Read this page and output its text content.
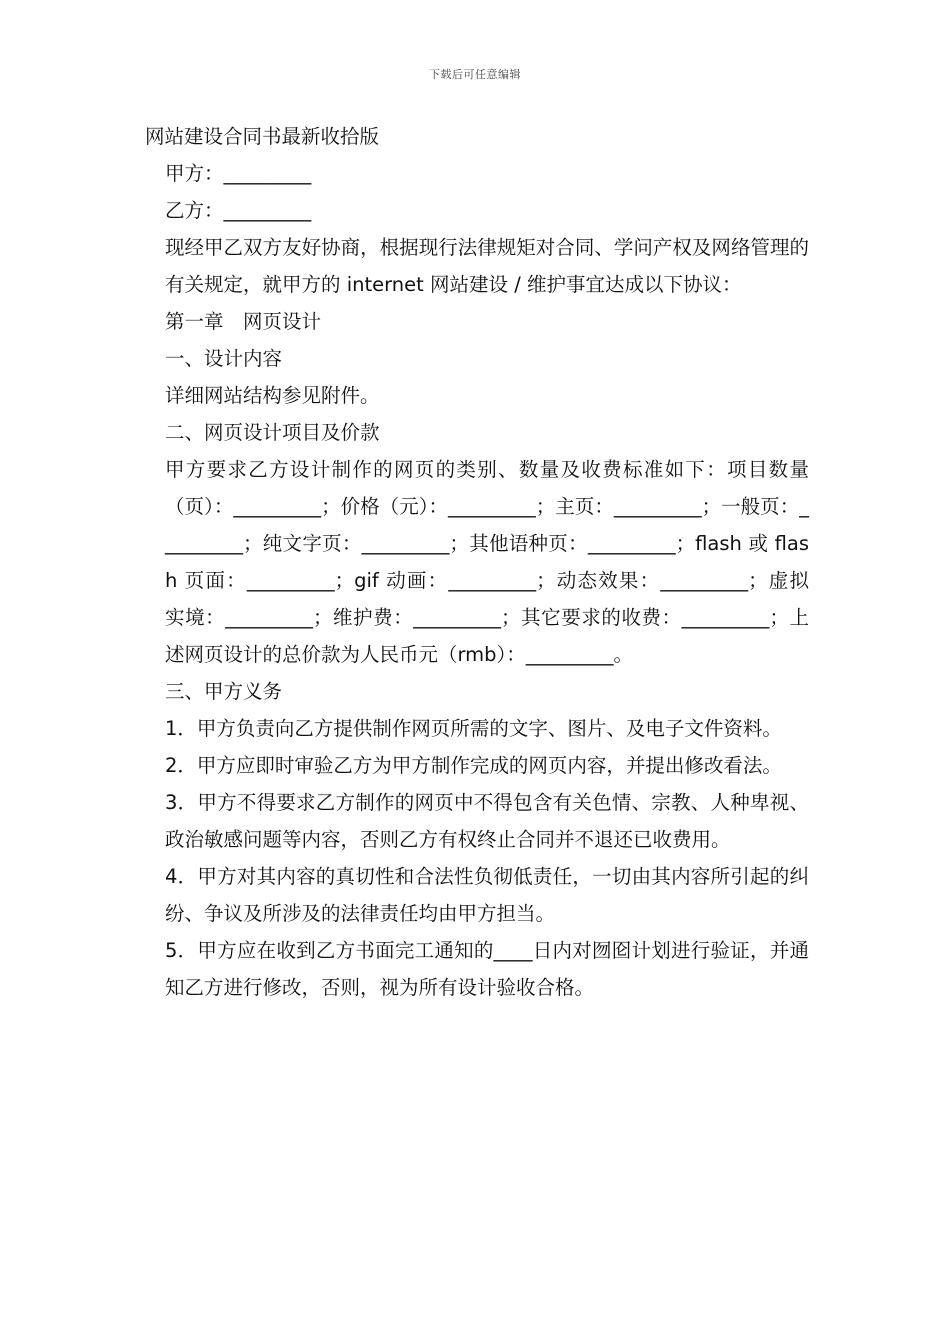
下载后可任意编辑

网站建设合同书最新收拾版

甲方：_________

乙方：_________

现经甲乙双方友好协商，根据现行法律规矩对合同、学问产权及网络管理的有关规定，就甲方的 internet 网站建设 / 维护事宜达成以下协议：

第一章　网页设计

一、设计内容

详细网站结构参见附件。

二、网页设计项目及价款

甲方要求乙方设计制作的网页的类别、数量及收费标准如下：项目数量（页）：_________；价格（元）：_________；主页：_________；一般页：_________；纯文字页：_________；其他语种页：_________；flash 或 flash 页面：_________；gif 动画：_________；动态效果：_________；虚拟实境：_________；维护费：_________；其它要求的收费：_________；上述网页设计的总价款为人民币元（rmb）：_________。

三、甲方义务

1．甲方负责向乙方提供制作网页所需的文字、图片、及电子文件资料。

2．甲方应即时审验乙方为甲方制作完成的网页内容，并提出修改看法。

3．甲方不得要求乙方制作的网页中不得包含有关色情、宗教、人种卑视、政治敏感问题等内容，否则乙方有权终止合同并不退还已收费用。

4．甲方对其内容的真切性和合法性负彻低责任，一切由其内容所引起的纠纷、争议及所涉及的法律责任均由甲方担当。

5．甲方应在收到乙方书面完工通知的____日内对囫囵计划进行验证，并通知乙方进行修改，否则，视为所有设计验收合格。
